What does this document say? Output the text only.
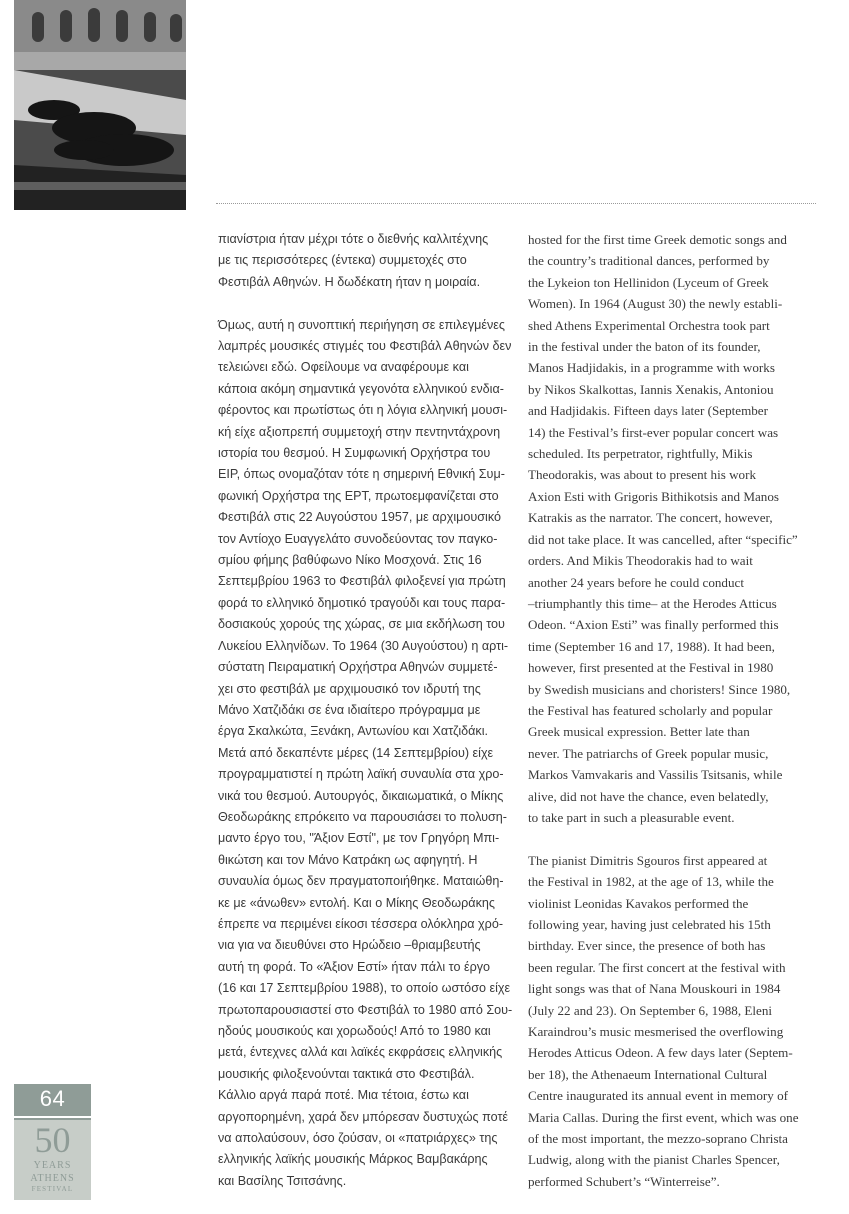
πιανίστρια ήταν μέχρι τότε ο διεθνής καλλιτέχνης
με τις περισσότερες (έντεκα) συμμετοχές στο
Φεστιβάλ Αθηνών. Η δωδέκατη ήταν η μοιραία.

Όμως, αυτή η συνοπτική περιήγηση σε επιλεγμένες
λαμπρές μουσικές στιγμές του Φεστιβάλ Αθηνών δεν
τελειώνει εδώ. Οφείλουμε να αναφέρουμε και
κάποια ακόμη σημαντικά γεγονότα ελληνικού ενδια-
φέροντος και πρωτίστως ότι η λόγια ελληνική μουσι-
κή είχε αξιοπρεπή συμμετοχή στην πεντηντάχρονη
ιστορία του θεσμού. Η Συμφωνική Ορχήστρα του
ΕΙΡ, όπως ονομαζόταν τότε η σημερινή Εθνική Συμ-
φωνική Ορχήστρα της ΕΡΤ, πρωτοεμφανίζεται στο
Φεστιβάλ στις 22 Αυγούστου 1957, με αρχιμουσικό
τον Αντίοχο Ευαγγελάτο συνοδεύοντας τον παγκο-
σμίου φήμης βαθύφωνο Νίκο Μοσχονά. Στις 16
Σεπτεμβρίου 1963 το Φεστιβάλ φιλοξενεί για πρώτη
φορά το ελληνικό δημοτικό τραγούδι και τους παρα-
δοσιακούς χορούς της χώρας, σε μια εκδήλωση του
Λυκείου Ελληνίδων. Το 1964 (30 Αυγούστου) η αρτι-
σύστατη Πειραματική Ορχήστρα Αθηνών συμμετέ-
χει στο φεστιβάλ με αρχιμουσικό τον ιδρυτή της
Μάνο Χατζιδάκι σε ένα ιδιαίτερο πρόγραμμα με
έργα Σκαλκώτα, Ξενάκη, Αντωνίου και Χατζιδάκι.
Μετά από δεκαπέντε μέρες (14 Σεπτεμβρίου) είχε
προγραμματιστεί η πρώτη λαϊκή συναυλία στα χρο-
νικά του θεσμού. Αυτουργός, δικαιωματικά, ο Μίκης
Θεοδωράκης επρόκειτο να παρουσιάσει το πολυση-
μαντο έργο του, "Άξιον Εστί", με τον Γρηγόρη Μπι-
θικώτση και τον Μάνο Κατράκη ως αφηγητή. Η
συναυλία όμως δεν πραγματοποιήθηκε. Ματαιώθη-
κε με «άνωθεν» εντολή. Και ο Μίκης Θεοδωράκης
έπρεπε να περιμένει είκοσι τέσσερα ολόκληρα χρό-
νια για να διευθύνει στο Ηρώδειο –θριαμβευτής
αυτή τη φορά. Το «Άξιον Εστί» ήταν πάλι το έργο
(16 και 17 Σεπτεμβρίου 1988), το οποίο ωστόσο είχε
πρωτοπαρουσιαστεί στο Φεστιβάλ το 1980 από Σου-
ηδούς μουσικούς και χορωδούς! Από το 1980 και
μετά, έντεχνες αλλά και λαϊκές εκφράσεις ελληνικής
μουσικής φιλοξενούνται τακτικά στο Φεστιβάλ.
Κάλλιο αργά παρά ποτέ. Μια τέτοια, έστω και
αργοπορημένη, χαρά δεν μπόρεσαν δυστυχώς ποτέ
να απολαύσουν, όσο ζούσαν, οι «πατριάρχες» της
ελληνικής λαϊκής μουσικής Μάρκος Βαμβακάρης
και Βασίλης Τσιτσάνης.

hosted for the first time Greek demotic songs and
the country’s traditional dances, performed by
the Lykeion ton Hellinidon (Lyceum of Greek
Women). In 1964 (August 30) the newly establi-
shed Athens Experimental Orchestra took part
in the festival under the baton of its founder,
Manos Hadjidakis, in a programme with works
by Nikos Skalkottas, Iannis Xenakis, Antoniou
and Hadjidakis. Fifteen days later (September
14) the Festival’s first-ever popular concert was
scheduled. Its perpetrator, rightfully, Mikis
Theodorakis, was about to present his work
Axion Esti with Grigoris Bithikotsis and Manos
Katrakis as the narrator. The concert, however,
did not take place. It was cancelled, after “specific”
orders. And Mikis Theodorakis had to wait
another 24 years before he could conduct
–triumphantly this time– at the Herodes Atticus
Odeon. “Axion Esti” was finally performed this
time (September 16 and 17, 1988). It had been,
however, first presented at the Festival in 1980
by Swedish musicians and choristers! Since 1980,
the Festival has featured scholarly and popular
Greek musical expression. Better late than
never. The patriarchs of Greek popular music,
Markos Vamvakaris and Vassilis Tsitsanis, while
alive, did not have the chance, even belatedly,
to take part in such a pleasurable event.

The pianist Dimitris Sgouros first appeared at
the Festival in 1982, at the age of 13, while the
violinist Leonidas Kavakos performed the
following year, having just celebrated his 15th
birthday. Ever since, the presence of both has
been regular. The first concert at the festival with
light songs was that of Nana Mouskouri in 1984
(July 22 and 23). On September 6, 1988, Eleni
Karaindrou’s music mesmerised the overflowing
Herodes Atticus Odeon. A few days later (Septem-
ber 18), the Athenaeum International Cultural
Centre inaugurated its annual event in memory of
Maria Callas. During the first event, which was one
of the most important, the mezzo-soprano Christa
Ludwig, along with the pianist Charles Spencer,
performed Schubert’s “Winterreise”.

64
50
YEARS
ATHENS
FESTIVAL
